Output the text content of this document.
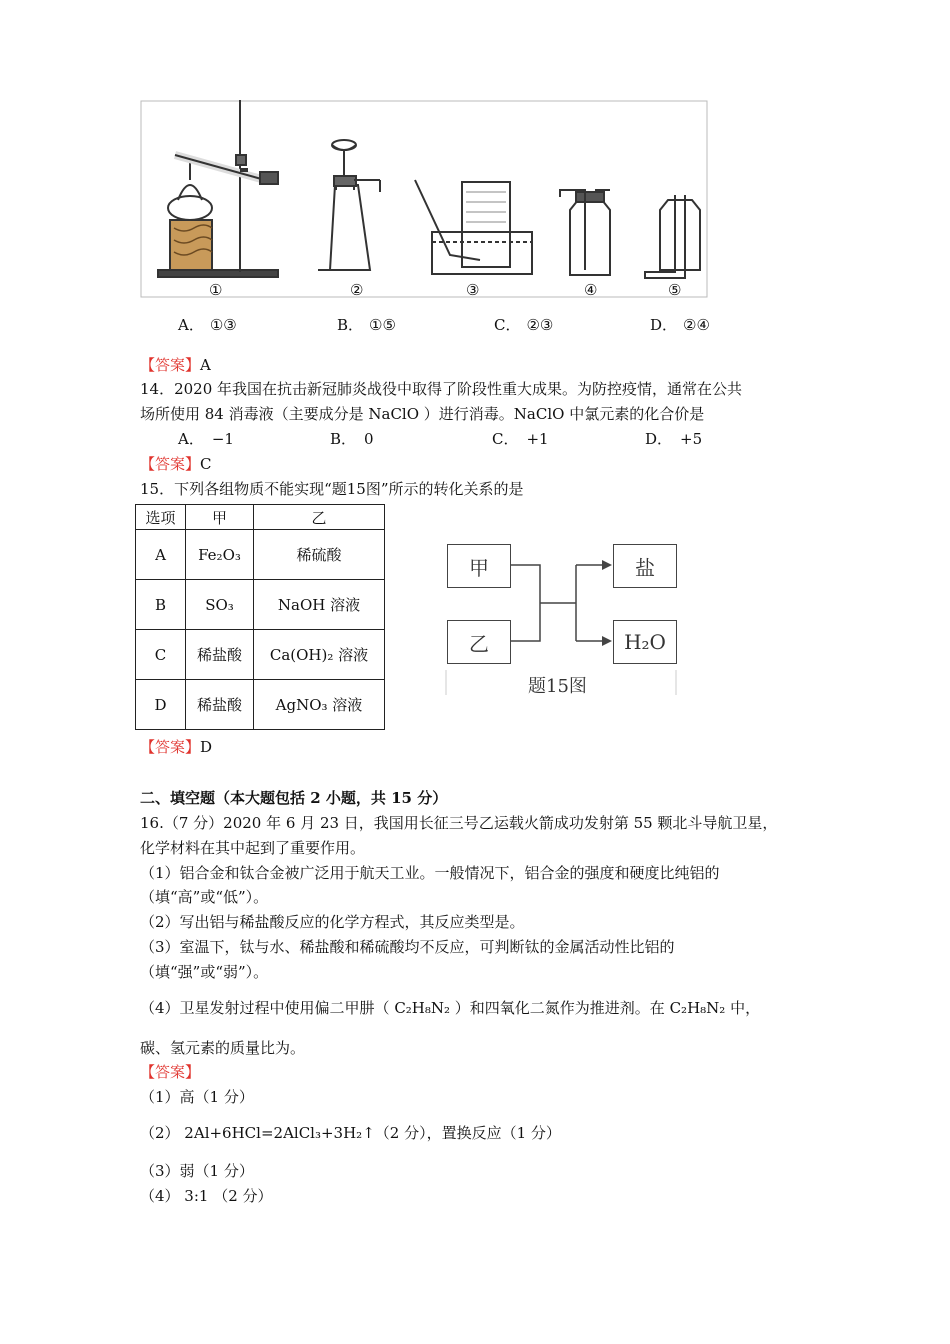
①	②	③	④	⑤
A． ①③	B． ①⑤	C． ②③	D． ②④
【答案】A
14．2020 年我国在抗击新冠肺炎战役中取得了阶段性重大成果。为防控疫情，通常在公共
场所使用 84 消毒液（主要成分是 NaClO ）进行消毒。NaClO 中氯元素的化合价是
A． −1	B． 0	C． +1	D． +5
【答案】C
15．下列各组物质不能实现“题15图”所示的转化关系的是
选项	甲	乙
A	Fe₂O₃	稀硫酸
B	SO₃	NaOH 溶液
C	稀盐酸	Ca(OH)₂ 溶液
D	稀盐酸	AgNO₃ 溶液
甲
乙
盐
H₂O
题15图
【答案】D
二、填空题（本大题包括 2 小题，共 15 分）
16.（7 分）2020 年 6 月 23 日，我国用长征三号乙运载火箭成功发射第 55 颗北斗导航卫星，
化学材料在其中起到了重要作用。
（1）铝合金和钛合金被广泛用于航天工业。一般情况下，铝合金的强度和硬度比纯铝的
（填“高”或“低”）。
（2）写出铝与稀盐酸反应的化学方程式，其反应类型是。
（3）室温下，钛与水、稀盐酸和稀硫酸均不反应，可判断钛的金属活动性比铝的
（填“强”或“弱”）。
（4）卫星发射过程中使用偏二甲肼（ C₂H₈N₂ ）和四氧化二氮作为推进剂。在 C₂H₈N₂ 中，
碳、氢元素的质量比为。
【答案】
（1）高（1 分）
（2） 2Al+6HCl=2AlCl₃+3H₂↑（2 分），置换反应（1 分）
（3）弱（1 分）
（4） 3:1 （2 分）
